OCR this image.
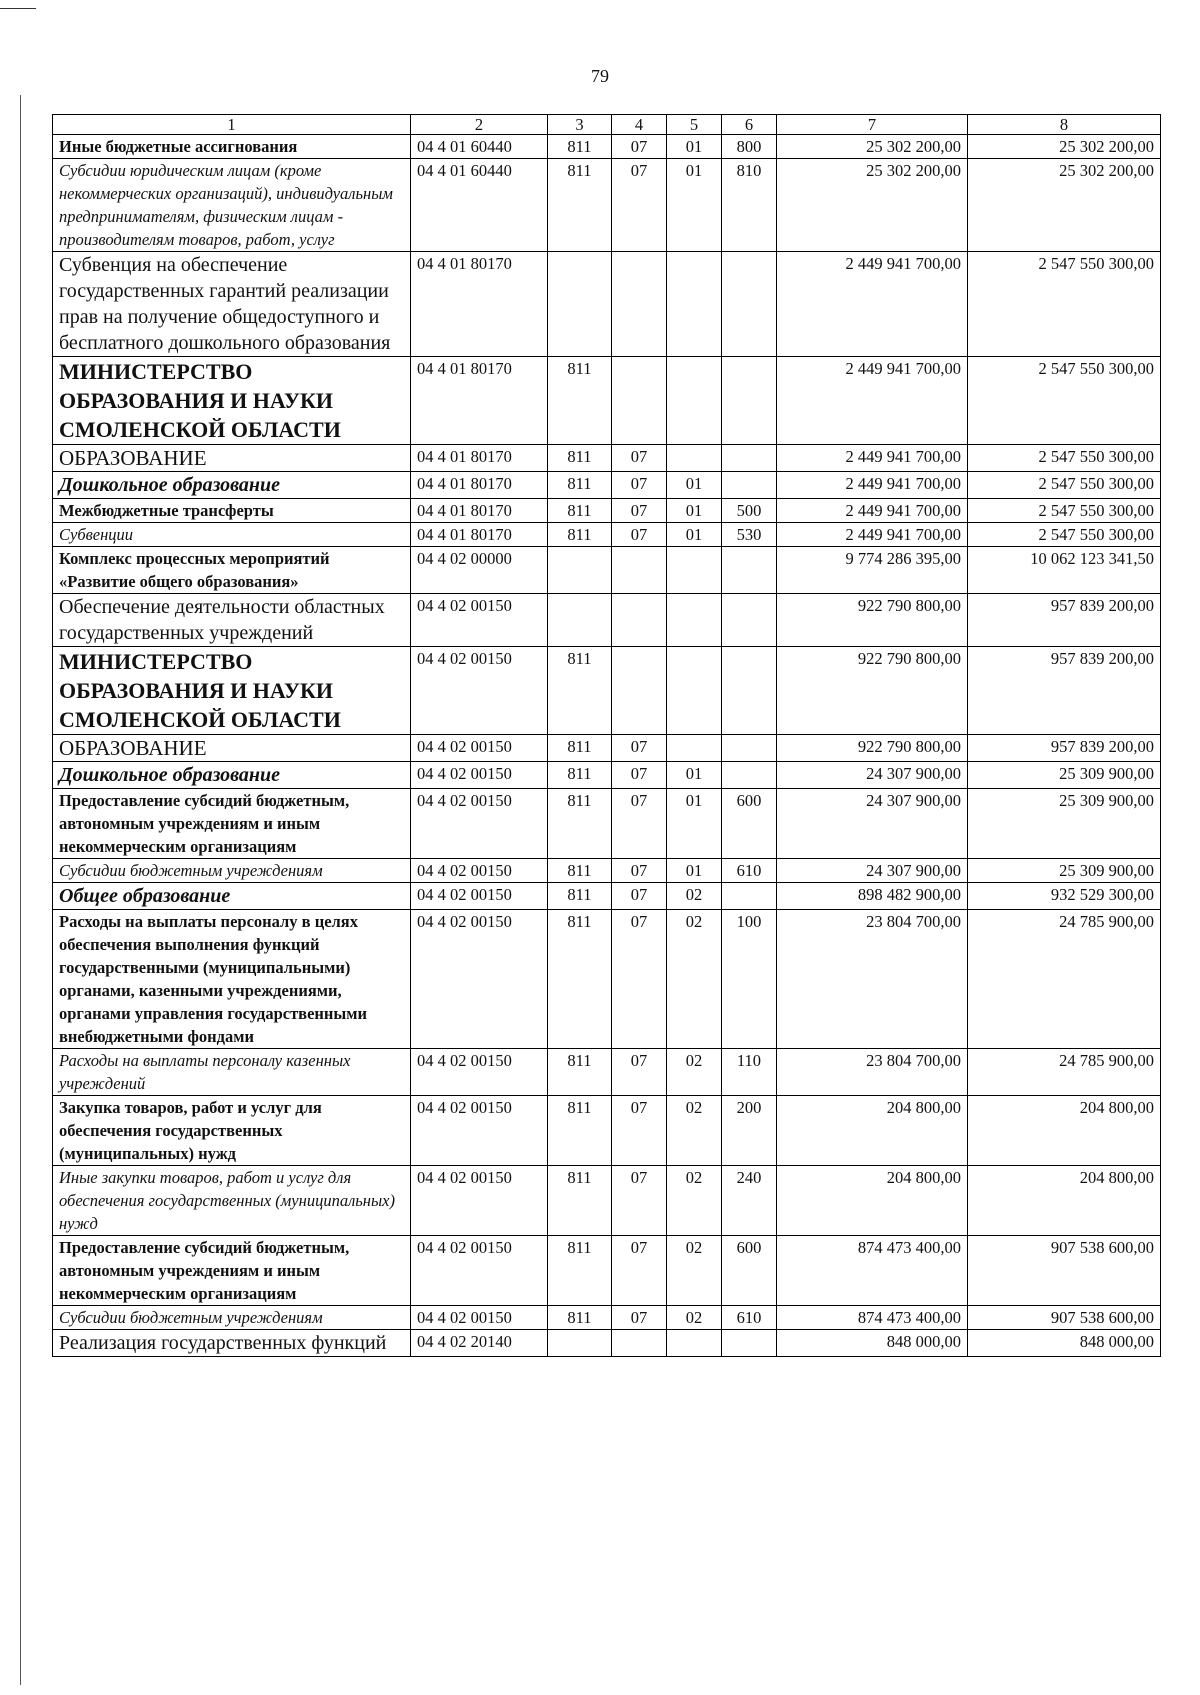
79
1	2	3	4	5	6	7	8
Иные бюджетные ассигнования	04 4 01 60440	811	07	01	800	25 302 200,00	25 302 200,00
Субсидии юридическим лицам (кроме некоммерческих организаций), индивидуальным предпринимателям, физическим лицам - производителям товаров, работ, услуг	04 4 01 60440	811	07	01	810	25 302 200,00	25 302 200,00
Субвенция на обеспечение государственных гарантий реализации прав на получение общедоступного и бесплатного дошкольного образования	04 4 01 80170					2 449 941 700,00	2 547 550 300,00
МИНИСТЕРСТВО ОБРАЗОВАНИЯ И НАУКИ СМОЛЕНСКОЙ ОБЛАСТИ	04 4 01 80170	811				2 449 941 700,00	2 547 550 300,00
ОБРАЗОВАНИЕ	04 4 01 80170	811	07			2 449 941 700,00	2 547 550 300,00
Дошкольное образование	04 4 01 80170	811	07	01		2 449 941 700,00	2 547 550 300,00
Межбюджетные трансферты	04 4 01 80170	811	07	01	500	2 449 941 700,00	2 547 550 300,00
Субвенции	04 4 01 80170	811	07	01	530	2 449 941 700,00	2 547 550 300,00
Комплекс процессных мероприятий «Развитие общего образования»	04 4 02 00000					9 774 286 395,00	10 062 123 341,50
Обеспечение деятельности областных государственных учреждений	04 4 02 00150					922 790 800,00	957 839 200,00
МИНИСТЕРСТВО ОБРАЗОВАНИЯ И НАУКИ СМОЛЕНСКОЙ ОБЛАСТИ	04 4 02 00150	811				922 790 800,00	957 839 200,00
ОБРАЗОВАНИЕ	04 4 02 00150	811	07			922 790 800,00	957 839 200,00
Дошкольное образование	04 4 02 00150	811	07	01		24 307 900,00	25 309 900,00
Предоставление субсидий бюджетным, автономным учреждениям и иным некоммерческим организациям	04 4 02 00150	811	07	01	600	24 307 900,00	25 309 900,00
Субсидии бюджетным учреждениям	04 4 02 00150	811	07	01	610	24 307 900,00	25 309 900,00
Общее образование	04 4 02 00150	811	07	02		898 482 900,00	932 529 300,00
Расходы на выплаты персоналу в целях обеспечения выполнения функций государственными (муниципальными) органами, казенными учреждениями, органами управления государственными внебюджетными фондами	04 4 02 00150	811	07	02	100	23 804 700,00	24 785 900,00
Расходы на выплаты персоналу казенных учреждений	04 4 02 00150	811	07	02	110	23 804 700,00	24 785 900,00
Закупка товаров, работ и услуг для обеспечения государственных (муниципальных) нужд	04 4 02 00150	811	07	02	200	204 800,00	204 800,00
Иные закупки товаров, работ и услуг для обеспечения государственных (муниципальных) нужд	04 4 02 00150	811	07	02	240	204 800,00	204 800,00
Предоставление субсидий бюджетным, автономным учреждениям и иным некоммерческим организациям	04 4 02 00150	811	07	02	600	874 473 400,00	907 538 600,00
Субсидии бюджетным учреждениям	04 4 02 00150	811	07	02	610	874 473 400,00	907 538 600,00
Реализация государственных функций	04 4 02 20140					848 000,00	848 000,00
